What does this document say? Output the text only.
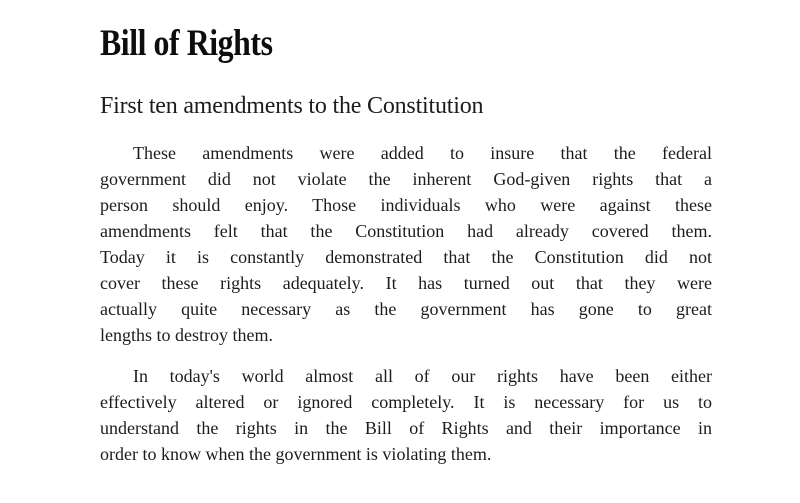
Bill of Rights
First ten amendments to the Constitution
These amendments were added to insure that the federal
government did not violate the inherent God-given rights that a
person should enjoy. Those individuals who were against these
amendments felt that the Constitution had already covered them.
Today it is constantly demonstrated that the Constitution did not
cover these rights adequately. It has turned out that they were
actually quite necessary as the government has gone to great
lengths to destroy them.
In today's world almost all of our rights have been either
effectively altered or ignored completely. It is necessary for us to
understand the rights in the Bill of Rights and their importance in
order to know when the government is violating them.
